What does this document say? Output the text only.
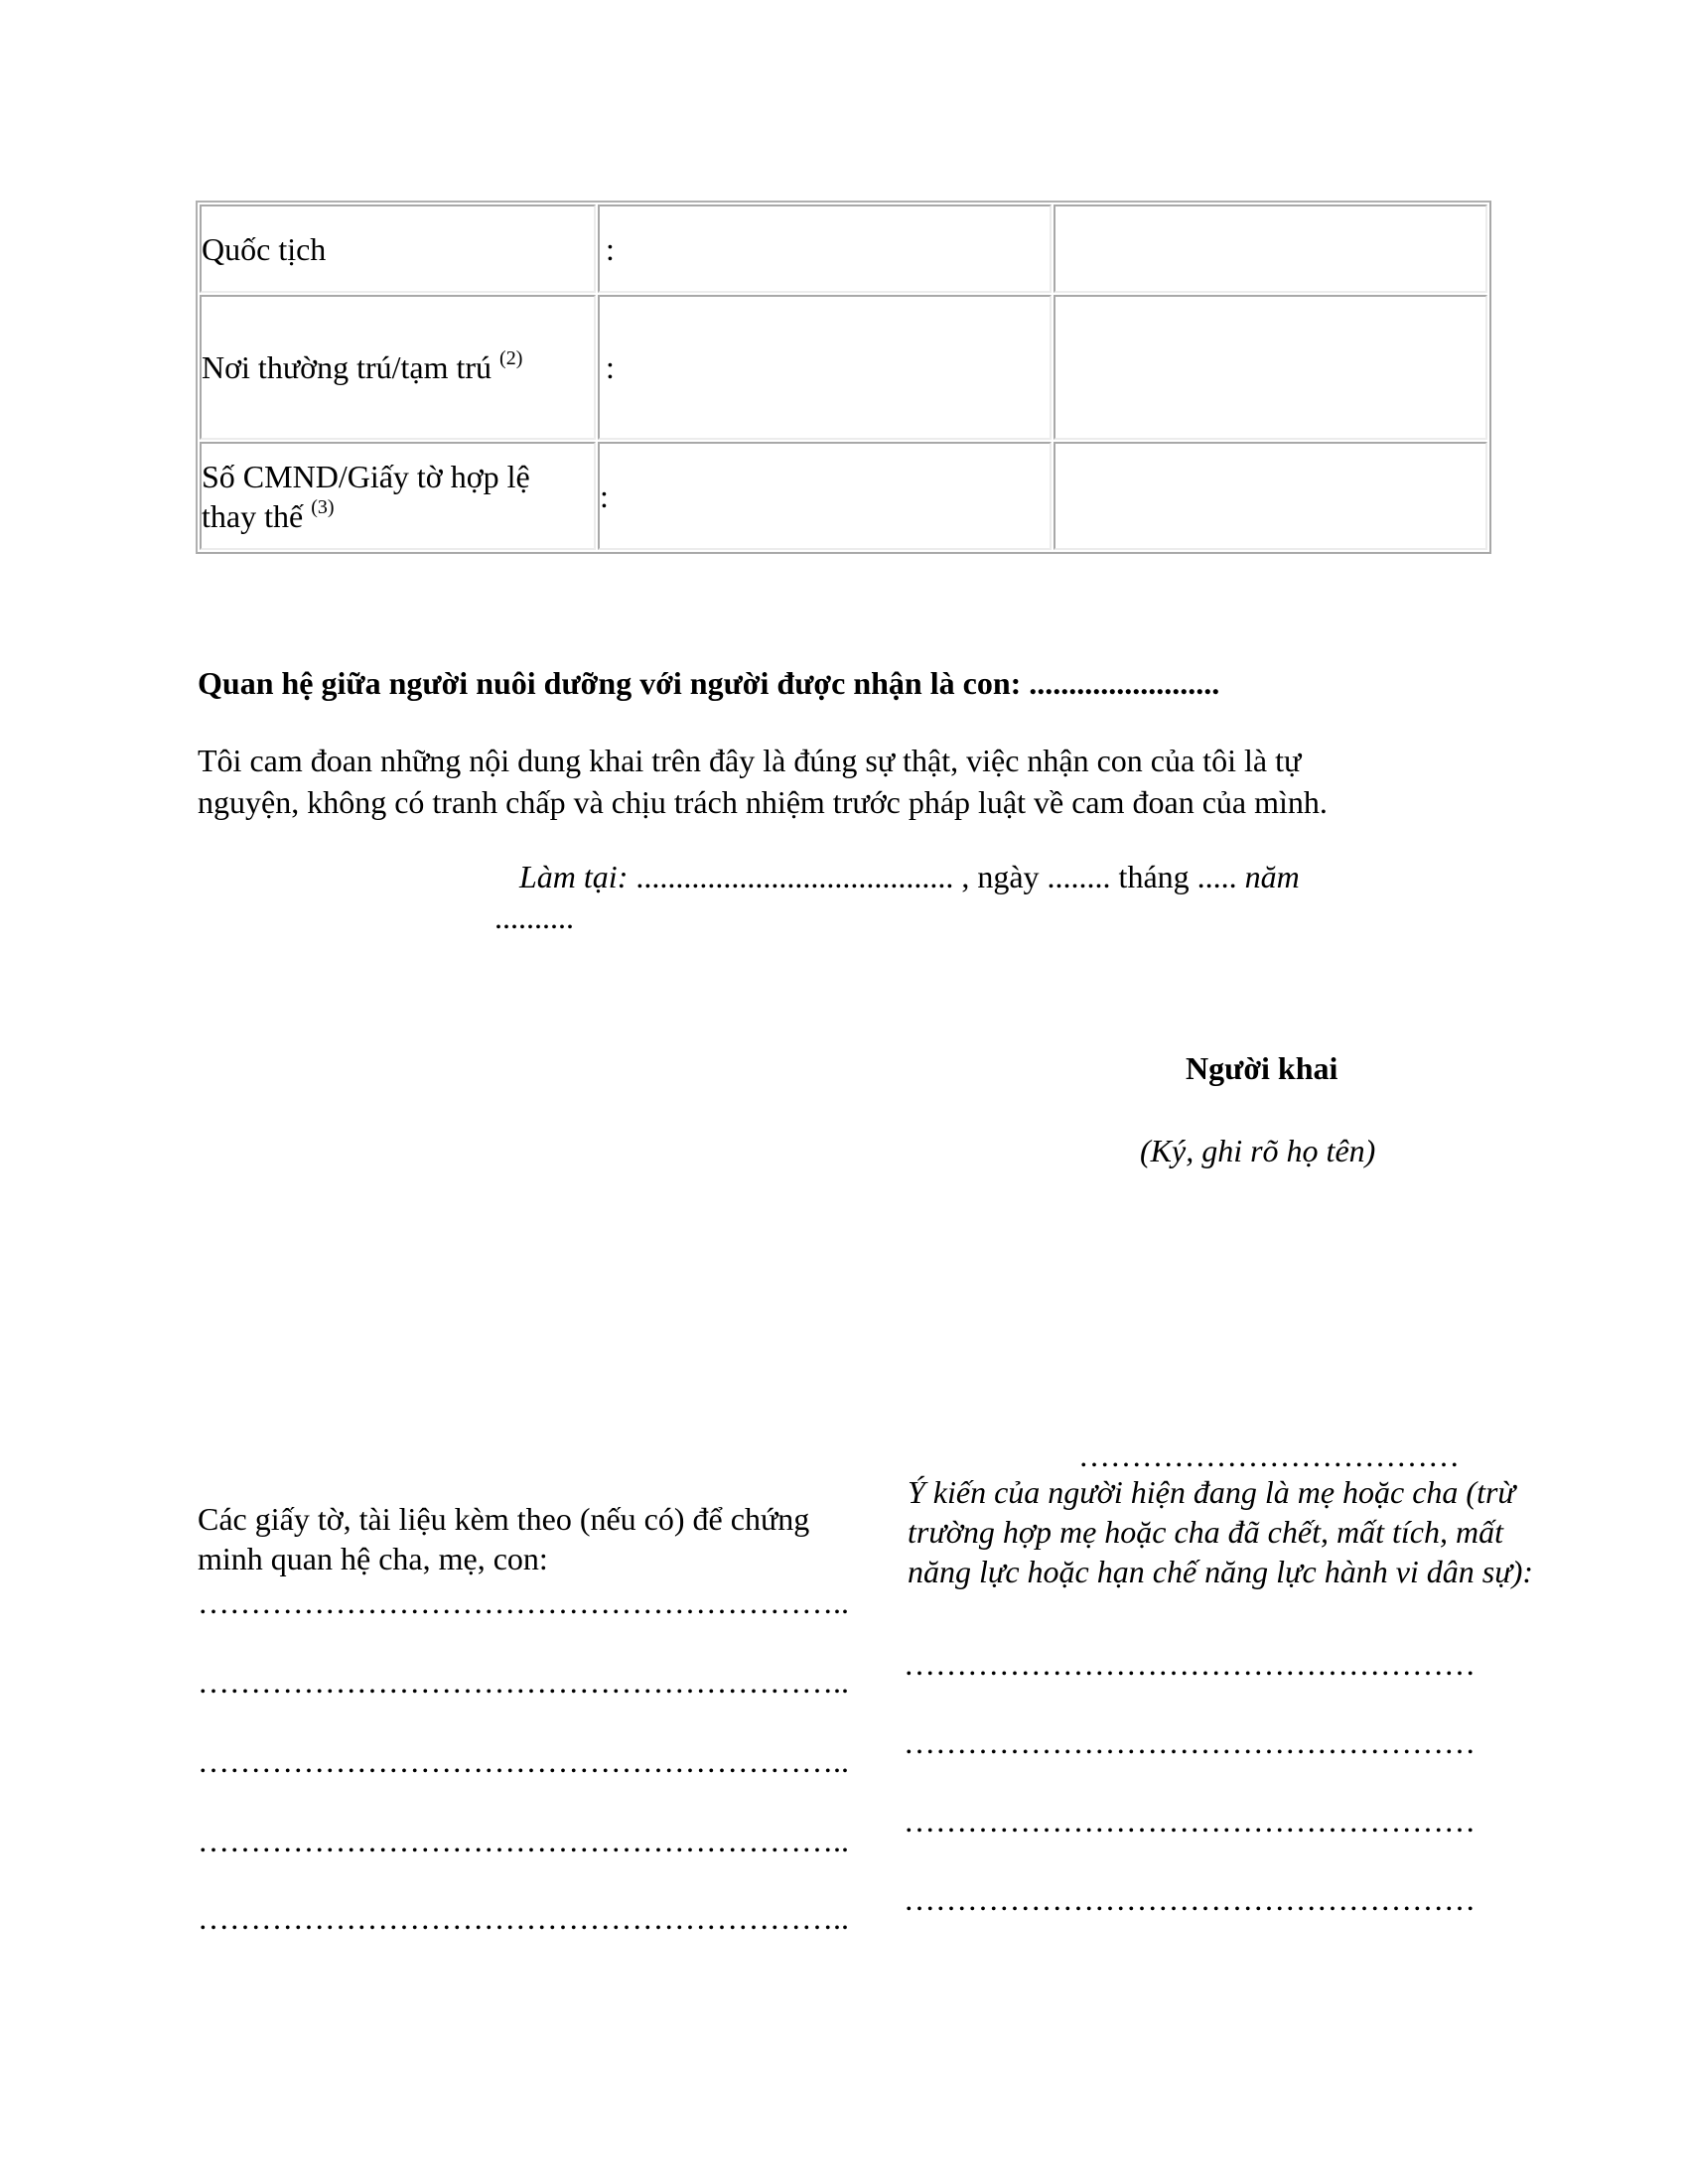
Quốc tịch	:	
Nơi thường trú/tạm trú $^{(2)}$	:	
Số CMND/Giấy tờ hợp lệ
thay thế $^{(3)}$	:	
Quan hệ giữa người nuôi dưỡng với người được nhận là con: ........................
Tôi cam đoan những nội dung khai trên đây là đúng sự thật, việc nhận con của tôi là tự
nguyện, không có tranh chấp và chịu trách nhiệm trước pháp luật về cam đoan của mình.
Làm tại: ........................................ , ngày ........ tháng ..... năm
..........
Người khai
(Ký, ghi rõ họ tên)
Các giấy tờ, tài liệu kèm theo (nếu có) để chứng
minh quan hệ cha, mẹ, con:
……………………………………………………..
……………………………………………………..
……………………………………………………..
……………………………………………………..
……………………………………………………..
………………………………
Ý kiến của người hiện đang là mẹ hoặc cha (trừ
trường hợp mẹ hoặc cha đã chết, mất tích, mất
năng lực hoặc hạn chế năng lực hành vi dân sự):
………………………………………………
………………………………………………
………………………………………………
………………………………………………
